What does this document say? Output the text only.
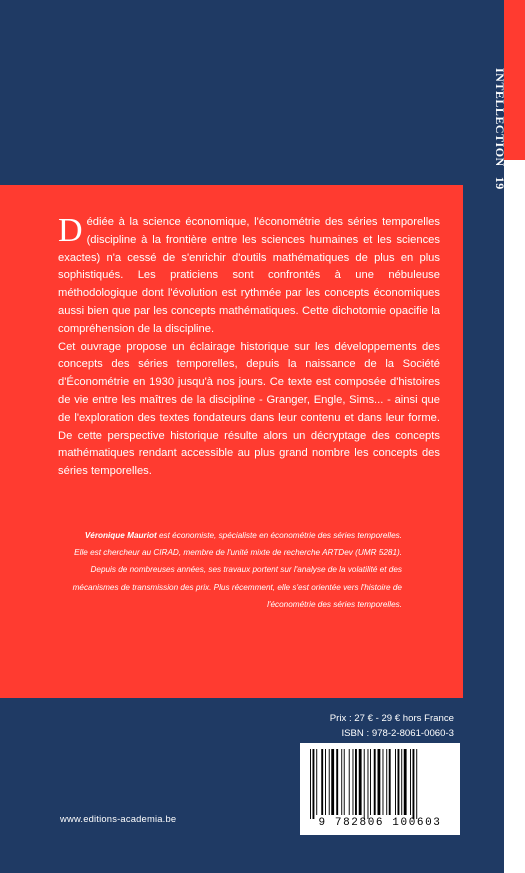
INTELLECTION19

Dédiée à la science économique, l'économétrie des séries temporelles (discipline à la frontière entre les sciences humaines et les sciences exactes) n'a cessé de s'enrichir d'outils mathématiques de plus en plus sophistiqués. Les praticiens sont confrontés à une nébuleuse méthodologique dont l'évolution est rythmée par les concepts économiques aussi bien que par les concepts mathématiques. Cette dichotomie opacifie la compréhension de la discipline.

Cet ouvrage propose un éclairage historique sur les développements des concepts des séries temporelles, depuis la naissance de la Société d'Économétrie en 1930 jusqu'à nos jours. Ce texte est composée d'histoires de vie entre les maîtres de la discipline - Granger, Engle, Sims... - ainsi que de l'exploration des textes fondateurs dans leur contenu et dans leur forme. De cette perspective historique résulte alors un décryptage des concepts mathématiques rendant accessible au plus grand nombre les concepts des séries temporelles.

Véronique Mauriot est économiste, spécialiste en économétrie des séries temporelles. Elle est chercheur au CIRAD, membre de l'unité mixte de recherche ARTDev (UMR 5281). Depuis de nombreuses années, ses travaux portent sur l'analyse de la volatilité et des mécanismes de transmission des prix. Plus récemment, elle s'est orientée vers l'histoire de l'économétrie des séries temporelles.
Prix : 27 € - 29 € hors France
ISBN : 978-2-8061-0060-3
9 782806 100603
www.editions-academia.be
